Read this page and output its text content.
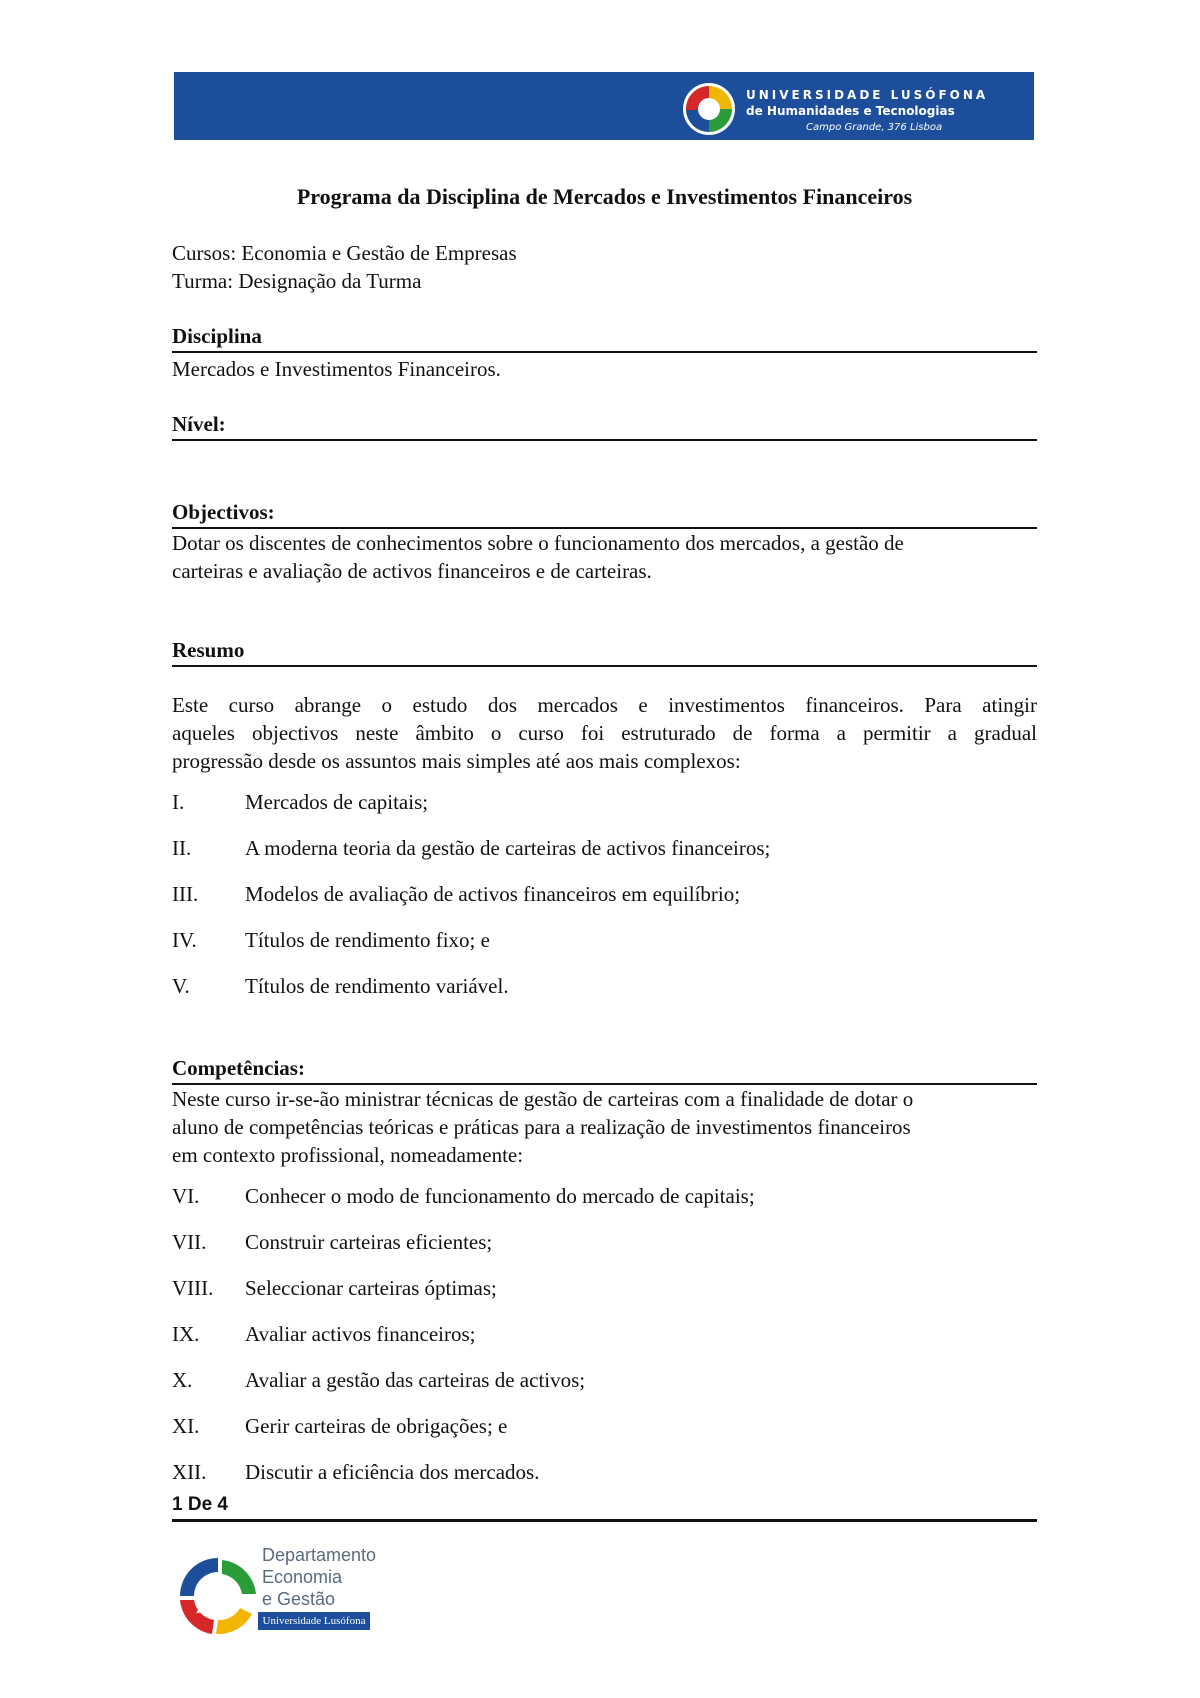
UNIVERSIDADE LUSÓFONA
de Humanidades e Tecnologias
Campo Grande, 376 Lisboa
Programa da Disciplina de Mercados e Investimentos Financeiros
Cursos: Economia e Gestão de Empresas
Turma: Designação da Turma
Disciplina
Mercados e Investimentos Financeiros.
Nível:
Objectivos:
Dotar os discentes de conhecimentos sobre o funcionamento dos mercados, a gestão de
carteiras e avaliação de activos financeiros e de carteiras.
Resumo

Este curso abrange o estudo dos mercados e investimentos financeiros. Para atingir

aqueles objectivos neste âmbito o curso foi estruturado de forma a permitir a gradual

progressão desde os assuntos mais simples até aos mais complexos:

I.	Mercados de capitais;
II.	A moderna teoria da gestão de carteiras de activos financeiros;
III. Modelos de avaliação de activos financeiros em equilíbrio;
IV. Títulos de rendimento fixo; e
V.	Títulos de rendimento variável.
Competências:
Neste curso ir-se-ão ministrar técnicas de gestão de carteiras com a finalidade de dotar o
aluno de competências teóricas e práticas para a realização de investimentos financeiros
em contexto profissional, nomeadamente:
VI. Conhecer o modo de funcionamento do mercado de capitais;
VII. Construir carteiras eficientes;
VIII. Seleccionar carteiras óptimas;
IX. Avaliar activos financeiros;
X.	Avaliar a gestão das carteiras de activos;
XI. Gerir carteiras de obrigações; e
XII. Discutir a eficiência dos mercados.
1 De 4
Departamento
Economia
e Gestão
Universidade Lusófona
